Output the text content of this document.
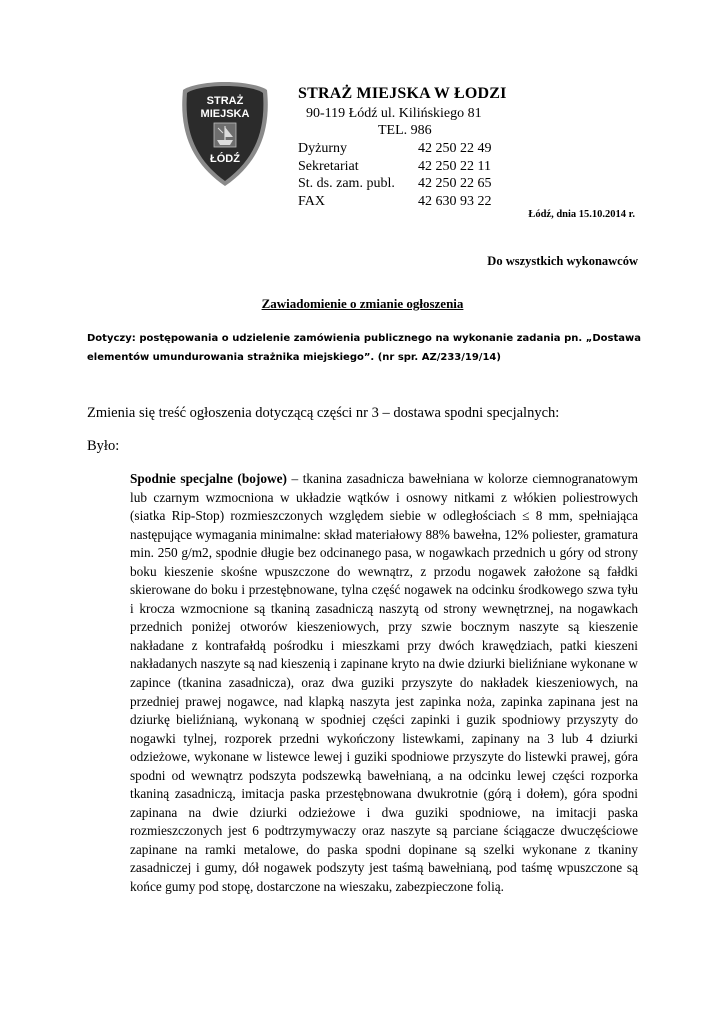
STRAŻ
MIEJSKA
ŁÓDŹ
STRAŻ MIEJSKA W ŁODZI
90-119 Łódź ul. Kilińskiego 81
TEL. 986
Dyżurny	42 250 22 49
Sekretariat	42 250 22 11
St. ds. zam. publ.	42 250 22 65
FAX	42 630 93 22
Łódź, dnia 15.10.2014 r.
Do wszystkich wykonawców
Zawiadomienie o zmianie ogłoszenia
Dotyczy: postępowania o udzielenie zamówienia publicznego na wykonanie zadania pn. „Dostawa elementów umundurowania strażnika miejskiego”. (nr spr. AZ/233/19/14)
Zmienia się treść ogłoszenia dotyczącą części nr 3 – dostawa spodni specjalnych:
Było:
Spodnie specjalne (bojowe) – tkanina zasadnicza bawełniana w kolorze ciemnogranatowym lub czarnym wzmocniona w układzie wątków i osnowy nitkami z włókien poliestrowych (siatka Rip-Stop) rozmieszczonych względem siebie w odległościach ≤ 8 mm, spełniająca następujące wymagania minimalne: skład materiałowy 88% bawełna, 12% poliester, gramatura min. 250 g/m2, spodnie długie bez odcinanego pasa, w nogawkach przednich u góry od strony boku kieszenie skośne wpuszczone do wewnątrz, z przodu nogawek założone są fałdki skierowane do boku i przestębnowane, tylna część nogawek na odcinku środkowego szwa tyłu i krocza wzmocnione są tkaniną zasadniczą naszytą od strony wewnętrznej, na nogawkach przednich poniżej otworów kieszeniowych, przy szwie bocznym naszyte są kieszenie nakładane z kontrafałdą pośrodku i mieszkami przy dwóch krawędziach, patki kieszeni nakładanych naszyte są nad kieszenią i zapinane kryto na dwie dziurki bieliźniane wykonane w zapince (tkanina zasadnicza), oraz dwa guziki przyszyte do nakładek kieszeniowych, na przedniej prawej nogawce, nad klapką naszyta jest zapinka noża, zapinka zapinana jest na dziurkę bieliźnianą, wykonaną w spodniej części zapinki i guzik spodniowy przyszyty do nogawki tylnej, rozporek przedni wykończony listewkami, zapinany na 3 lub 4 dziurki odzieżowe, wykonane w listewce lewej i guziki spodniowe przyszyte do listewki prawej, góra spodni od wewnątrz podszyta podszewką bawełnianą, a na odcinku lewej części rozporka tkaniną zasadniczą, imitacja paska przestębnowana dwukrotnie (górą i dołem), góra spodni zapinana na dwie dziurki odzieżowe i dwa guziki spodniowe, na imitacji paska rozmieszczonych jest 6 podtrzymywaczy oraz naszyte są parciane ściągacze dwuczęściowe zapinane na ramki metalowe, do paska spodni dopinane są szelki wykonane z tkaniny zasadniczej i gumy, dół nogawek podszyty jest taśmą bawełnianą, pod taśmę wpuszczone są końce gumy pod stopę, dostarczone na wieszaku, zabezpieczone folią.
